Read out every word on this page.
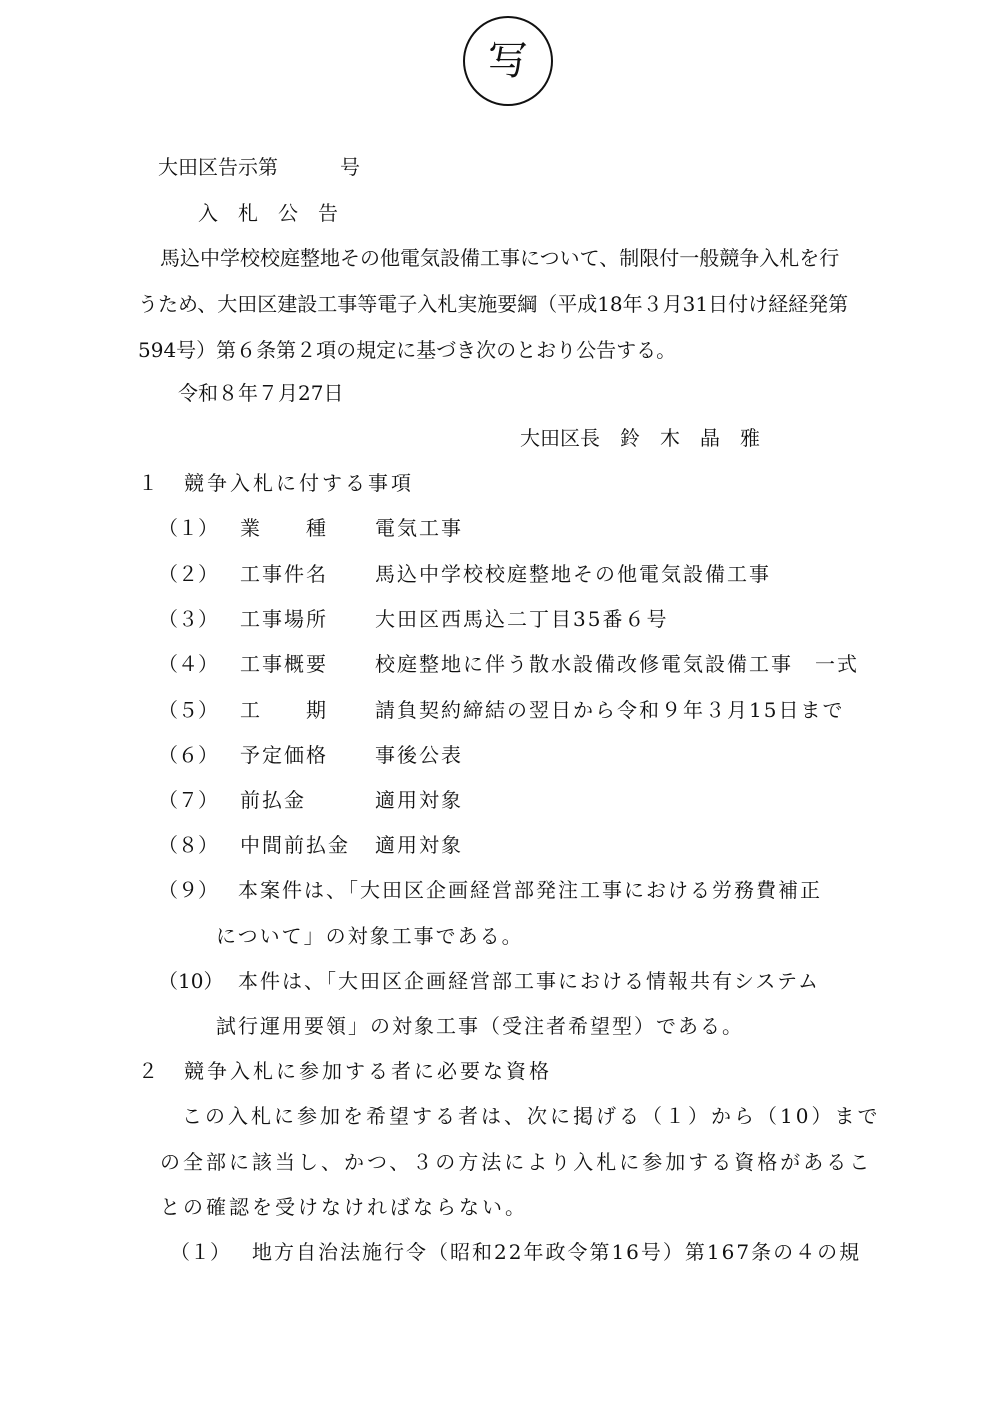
写
大田区告示第	号
入　札　公　告
馬込中学校校庭整地その他電気設備工事について、制限付一般競争入札を行
うため、大田区建設工事等電子入札実施要綱（平成18年３月31日付け経経発第
594号）第６条第２項の規定に基づき次のとおり公告する。
令和８年７月27日
大田区長　鈴　木　晶　雅
１　競争入札に付する事項
（１） 業　　種 電気工事
（２） 工事件名 馬込中学校校庭整地その他電気設備工事
（３） 工事場所 大田区西馬込二丁目35番６号
（４） 工事概要 校庭整地に伴う散水設備改修電気設備工事　一式
（５） 工　　期 請負契約締結の翌日から令和９年３月15日まで
（６） 予定価格 事後公表
（７） 前払金	適用対象
（８） 中間前払金 適用対象
（９） 本案件は、「大田区企画経営部発注工事における労務費補正
について」の対象工事である。
（10） 本件は、「大田区企画経営部工事における情報共有システム
試行運用要領」の対象工事（受注者希望型）である。
２　競争入札に参加する者に必要な資格
この入札に参加を希望する者は、次に掲げる（１）から（10）まで
の全部に該当し、かつ、３の方法により入札に参加する資格があるこ
との確認を受けなければならない。
（１） 地方自治法施行令（昭和22年政令第16号）第167条の４の規
